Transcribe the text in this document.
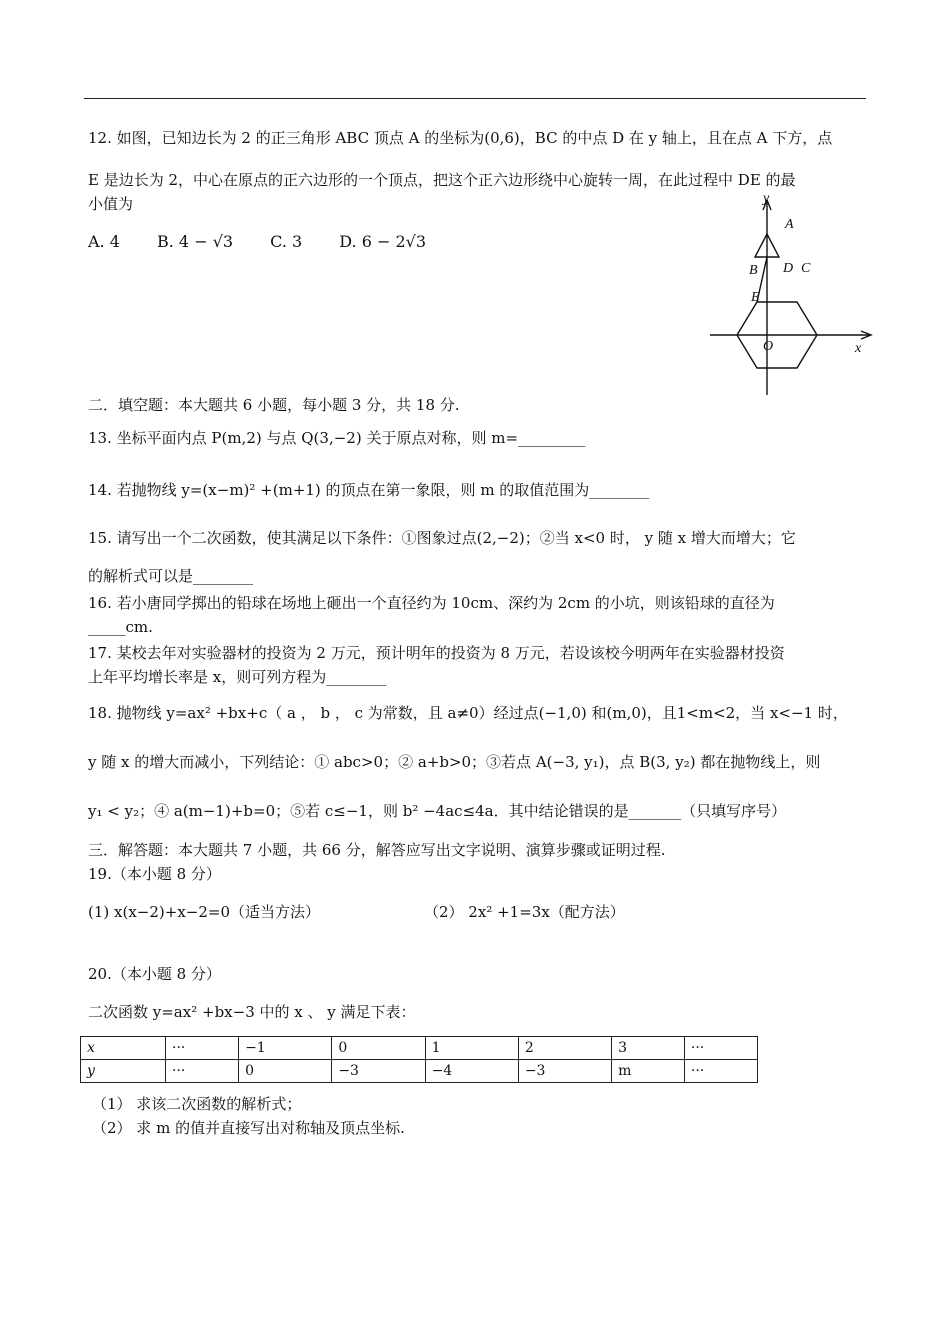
12. 如图，已知边长为 2 的正三角形 ABC 顶点 A 的坐标为(0,6)，BC 的中点 D 在 y 轴上，且在点 A 下方，点
E 是边长为 2，中心在原点的正六边形的一个顶点，把这个正六边形绕中心旋转一周，在此过程中 DE 的最
小值为
A. 4 B. 4 − √3 C. 3 D. 6 − 2√3
y
A
B D C
E
O	x
二．填空题：本大题共 6 小题，每小题 3 分，共 18 分.
13. 坐标平面内点 P(m,2) 与点 Q(3,−2) 关于原点对称，则 m=_________
14. 若抛物线 y=(x−m)² +(m+1) 的顶点在第一象限，则 m 的取值范围为________
15. 请写出一个二次函数，使其满足以下条件：①图象过点(2,−2)；②当 x<0 时， y 随 x 增大而增大；它
的解析式可以是________
16. 若小唐同学掷出的铅球在场地上砸出一个直径约为 10cm、深约为 2cm 的小坑，则该铅球的直径为
_____cm.
17. 某校去年对实验器材的投资为 2 万元，预计明年的投资为 8 万元，若设该校今明两年在实验器材投资
上年平均增长率是 x，则可列方程为________
18. 抛物线 y=ax² +bx+c（ a ， b ， c 为常数，且 a≠0）经过点(−1,0) 和(m,0)，且1<m<2，当 x<−1 时，
y 随 x 的增大而减小，下列结论：① abc>0；② a+b>0；③若点 A(−3, y₁)，点 B(3, y₂) 都在抛物线上，则
y₁ < y₂；④ a(m−1)+b=0；⑤若 c≤−1，则 b² −4ac≤4a．其中结论错误的是_______（只填写序号）
三．解答题：本大题共 7 小题，共 66 分，解答应写出文字说明、演算步骤或证明过程.
19.（本小题 8 分）
(1) x(x−2)+x−2=0（适当方法）	（2） 2x² +1=3x（配方法）
20.（本小题 8 分）
二次函数 y=ax² +bx−3 中的 x 、 y 满足下表：
x	···	−1	0	1	2	3	···
y	···	0	−3	−4	−3	m	···
（1） 求该二次函数的解析式；
（2） 求 m 的值并直接写出对称轴及顶点坐标.
